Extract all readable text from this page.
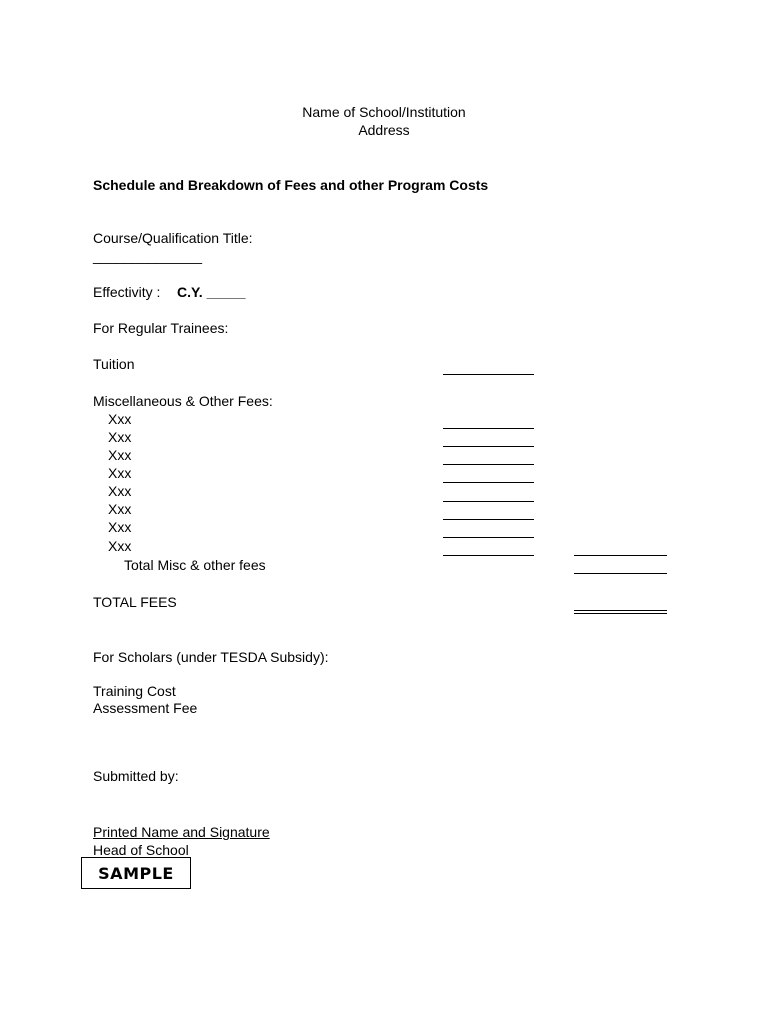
Name of School/Institution
Address
Schedule and Breakdown of Fees and other Program Costs
Course/Qualification Title:
______________
Effectivity : C.Y. _____
For Regular Trainees:
Tuition
Miscellaneous & Other Fees:
Xxx
Xxx
Xxx
Xxx
Xxx
Xxx
Xxx
Xxx
Total Misc & other fees
TOTAL FEES
For Scholars (under TESDA Subsidy):
Training Cost
Assessment Fee
Submitted by:
Printed Name and Signature
Head of School
SAMPLE
